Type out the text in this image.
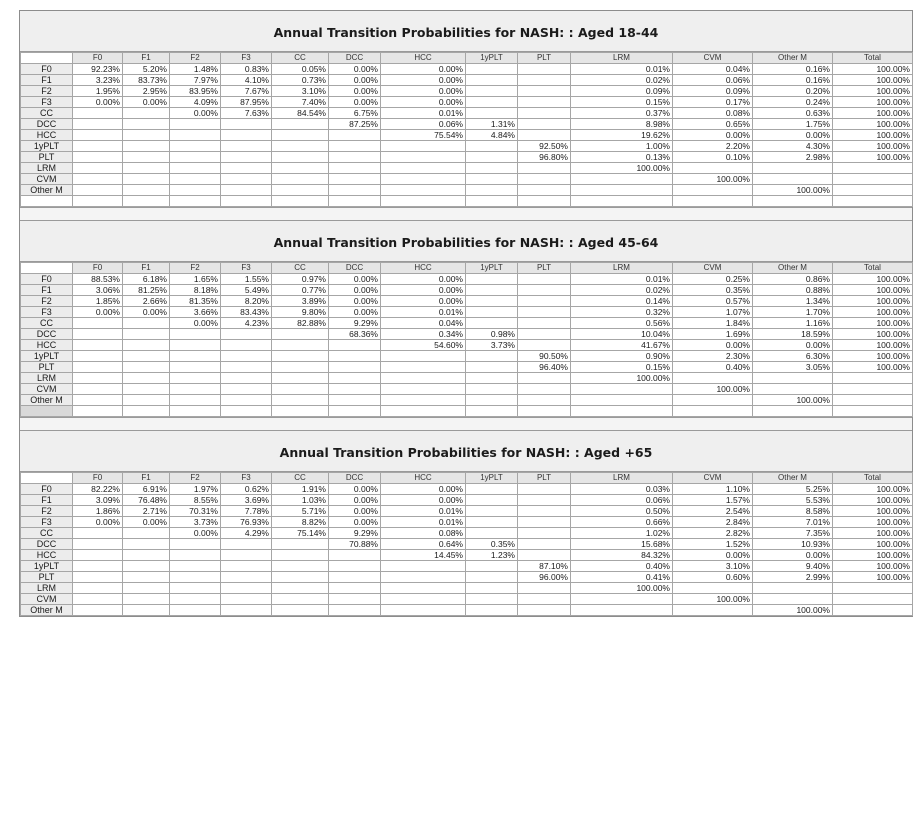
Annual Transition Probabilities for NASH: : Aged 18-44
	F0	F1	F2	F3	CC	DCC	HCC	1yPLT	PLT	LRM	CVM	Other M	Total
F0	92.23%	5.20%	1.48%	0.83%	0.05%	0.00%	0.00%			0.01%	0.04%	0.16%	100.00%
F1	3.23%	83.73%	7.97%	4.10%	0.73%	0.00%	0.00%			0.02%	0.06%	0.16%	100.00%
F2	1.95%	2.95%	83.95%	7.67%	3.10%	0.00%	0.00%			0.09%	0.09%	0.20%	100.00%
F3	0.00%	0.00%	4.09%	87.95%	7.40%	0.00%	0.00%			0.15%	0.17%	0.24%	100.00%
CC			0.00%	7.63%	84.54%	6.75%	0.01%			0.37%	0.08%	0.63%	100.00%
DCC						87.25%	0.06%	1.31%		8.98%	0.65%	1.75%	100.00%
HCC							75.54%	4.84%		19.62%	0.00%	0.00%	100.00%
1yPLT									92.50%	1.00%	2.20%	4.30%	100.00%
PLT									96.80%	0.13%	0.10%	2.98%	100.00%
LRM										100.00%			
CVM											100.00%		
Other M												100.00%	

Annual Transition Probabilities for NASH: : Aged 45-64
	F0	F1	F2	F3	CC	DCC	HCC	1yPLT	PLT	LRM	CVM	Other M	Total
F0	88.53%	6.18%	1.65%	1.55%	0.97%	0.00%	0.00%			0.01%	0.25%	0.86%	100.00%
F1	3.06%	81.25%	8.18%	5.49%	0.77%	0.00%	0.00%			0.02%	0.35%	0.88%	100.00%
F2	1.85%	2.66%	81.35%	8.20%	3.89%	0.00%	0.00%			0.14%	0.57%	1.34%	100.00%
F3	0.00%	0.00%	3.66%	83.43%	9.80%	0.00%	0.01%			0.32%	1.07%	1.70%	100.00%
CC			0.00%	4.23%	82.88%	9.29%	0.04%			0.56%	1.84%	1.16%	100.00%
DCC						68.36%	0.34%	0.98%		10.04%	1.69%	18.59%	100.00%
HCC							54.60%	3.73%		41.67%	0.00%	0.00%	100.00%
1yPLT									90.50%	0.90%	2.30%	6.30%	100.00%
PLT									96.40%	0.15%	0.40%	3.05%	100.00%
LRM										100.00%			
CVM											100.00%		
Other M												100.00%	

Annual Transition Probabilities for NASH: : Aged +65
	F0	F1	F2	F3	CC	DCC	HCC	1yPLT	PLT	LRM	CVM	Other M	Total
F0	82.22%	6.91%	1.97%	0.62%	1.91%	0.00%	0.00%			0.03%	1.10%	5.25%	100.00%
F1	3.09%	76.48%	8.55%	3.69%	1.03%	0.00%	0.00%			0.06%	1.57%	5.53%	100.00%
F2	1.86%	2.71%	70.31%	7.78%	5.71%	0.00%	0.01%			0.50%	2.54%	8.58%	100.00%
F3	0.00%	0.00%	3.73%	76.93%	8.82%	0.00%	0.01%			0.66%	2.84%	7.01%	100.00%
CC			0.00%	4.29%	75.14%	9.29%	0.08%			1.02%	2.82%	7.35%	100.00%
DCC						70.88%	0.64%	0.35%		15.68%	1.52%	10.93%	100.00%
HCC							14.45%	1.23%		84.32%	0.00%	0.00%	100.00%
1yPLT									87.10%	0.40%	3.10%	9.40%	100.00%
PLT									96.00%	0.41%	0.60%	2.99%	100.00%
LRM										100.00%			
CVM											100.00%		
Other M												100.00%	
